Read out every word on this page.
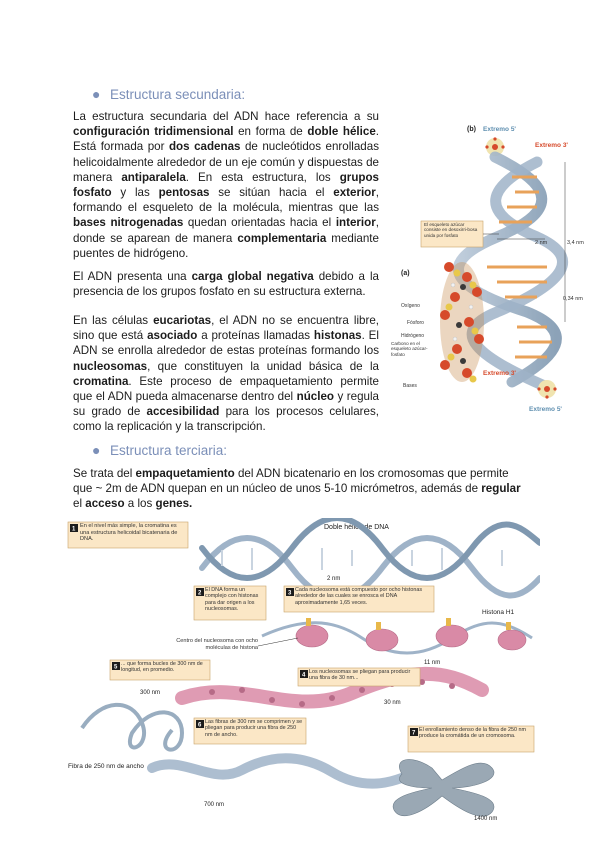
● Estructura secundaria:
La estructura secundaria del ADN hace referencia a su configuración tridimensional en forma de doble hélice. Está formada por dos cadenas de nucleótidos enrolladas helicoidalmente alrededor de un eje común y dispuestas de manera antiparalela. En esta estructura, los grupos fosfato y las pentosas se sitúan hacia el exterior, formando el esqueleto de la molécula, mientras que las bases nitrogenadas quedan orientadas hacia el interior, donde se aparean de manera complementaria mediante puentes de hidrógeno.
El ADN presenta una carga global negativa debido a la presencia de los grupos fosfato en su estructura externa.
En las células eucariotas, el ADN no se encuentra libre, sino que está asociado a proteínas llamadas histonas. El ADN se enrolla alrededor de estas proteínas formando los nucleosomas, que constituyen la unidad básica de la cromatina. Este proceso de empaquetamiento permite que el ADN pueda almacenarse dentro del núcleo y regula su grado de accesibilidad para los procesos celulares, como la replicación y la transcripción.
(b) Extremo 5'
Extremo 3'
El esqueleto azúcar consiste en desoxirri-bosa unida por fosfato
2 nm	3,4 nm
0,34 nm
(a)
Oxígeno
Fósforo
Hidrógeno
Carbono en el esqueleto azúcar-fosfato
Bases
Extremo 3'
Extremo 5'
● Estructura terciaria:
Se trata del empaquetamiento del ADN bicatenario en los cromosomas que permite que ~ 2m de ADN quepan en un núcleo de unos 5-10 micrómetros, además de regular el acceso a los genes.
Doble hélice de DNA
2 nm
1
En el nivel más simple, la cromatina es una estructura helicoidal bicatenaria de DNA.
Histona H1
11 nm
2
El DNA forma un complejo con histonas para dar origen a los nucleosomas.
3
Cada nucleosoma está compuesto por ocho histonas alrededor de las cuales se enrosca el DNA aproximadamente 1,65 veces.
Centro del nucleosoma con ocho moléculas de histona
30 nm
4
Los nucleosomas se pliegan para producir una fibra de 30 nm...
5
... que forma bucles de 300 nm de longitud, en promedio.
300 nm
6
Las fibras de 300 nm se comprimen y se pliegan para producir una fibra de 250 nm de ancho.
Fibra de 250 nm de ancho
700 nm
7
El enrollamiento denso de la fibra de 250 nm produce la cromátida de un cromosoma.
1400 nm
